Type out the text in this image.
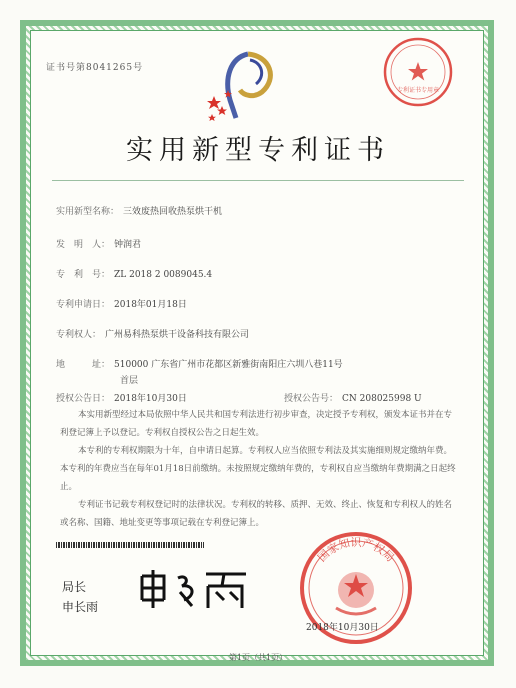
证书号第8041265号
专利证书专用章
实用新型专利证书
实用新型名称： 三效废热回收热泵烘干机
发　明　人： 钟润君
专　利　号： ZL 2018 2 0089045.4
专利申请日： 2018年01月18日
专利权人： 广州易科热泵烘干设备科技有限公司
地　　　址： 510000 广东省广州市花都区新雅街南阳庄六圳八巷11号
首层
授权公告日： 2018年10月30日	授权公告号： CN 208025998 U
本实用新型经过本局依照中华人民共和国专利法进行初步审查，决定授予专利权，颁发本证书并在专利登记簿上予以登记。专利权自授权公告之日起生效。
本专利的专利权期限为十年，自申请日起算。专利权人应当依照专利法及其实施细则规定缴纳年费。本专利的年费应当在每年01月18日前缴纳。未按照规定缴纳年费的，专利权自应当缴纳年费期满之日起终止。
专利证书记载专利权登记时的法律状况。专利权的转移、质押、无效、终止、恢复和专利权人的姓名或名称、国籍、地址变更等事项记载在专利登记簿上。
局长
申长雨
国家知识产权局
2018年10月30日
第1页（共1页）
